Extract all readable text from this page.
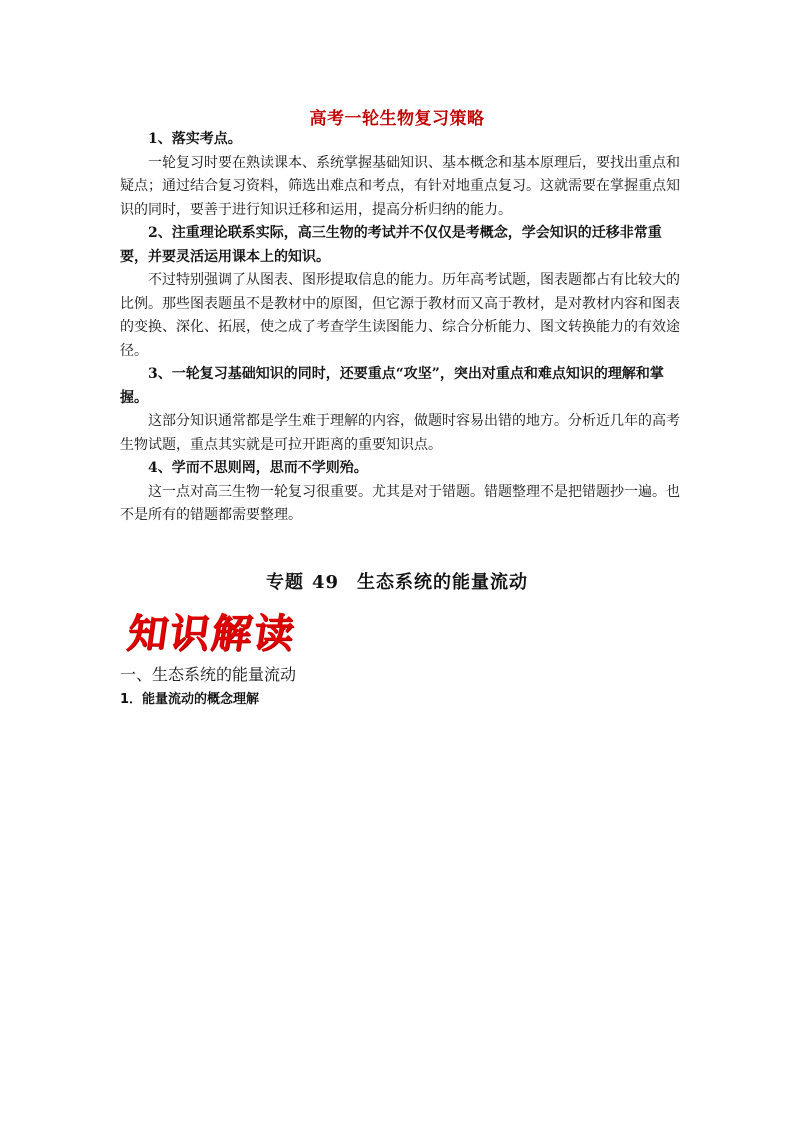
高考一轮生物复习策略

1、落实考点。

一轮复习时要在熟读课本、系统掌握基础知识、基本概念和基本原理后，要找出重点和疑点；通过结合复习资料，筛选出难点和考点，有针对地重点复习。这就需要在掌握重点知识的同时，要善于进行知识迁移和运用，提高分析归纳的能力。

2、注重理论联系实际，高三生物的考试并不仅仅是考概念，学会知识的迁移非常重要，并要灵活运用课本上的知识。

不过特别强调了从图表、图形提取信息的能力。历年高考试题，图表题都占有比较大的比例。那些图表题虽不是教材中的原图，但它源于教材而又高于教材，是对教材内容和图表的变换、深化、拓展，使之成了考查学生读图能力、综合分析能力、图文转换能力的有效途径。

3、一轮复习基础知识的同时，还要重点“攻坚”，突出对重点和难点知识的理解和掌握。

这部分知识通常都是学生难于理解的内容，做题时容易出错的地方。分析近几年的高考生物试题，重点其实就是可拉开距离的重要知识点。

4、学而不思则罔，思而不学则殆。

这一点对高三生物一轮复习很重要。尤其是对于错题。错题整理不是把错题抄一遍。也不是所有的错题都需要整理。

专题 49 生态系统的能量流动
知识解读
一、生态系统的能量流动
1．能量流动的概念理解
